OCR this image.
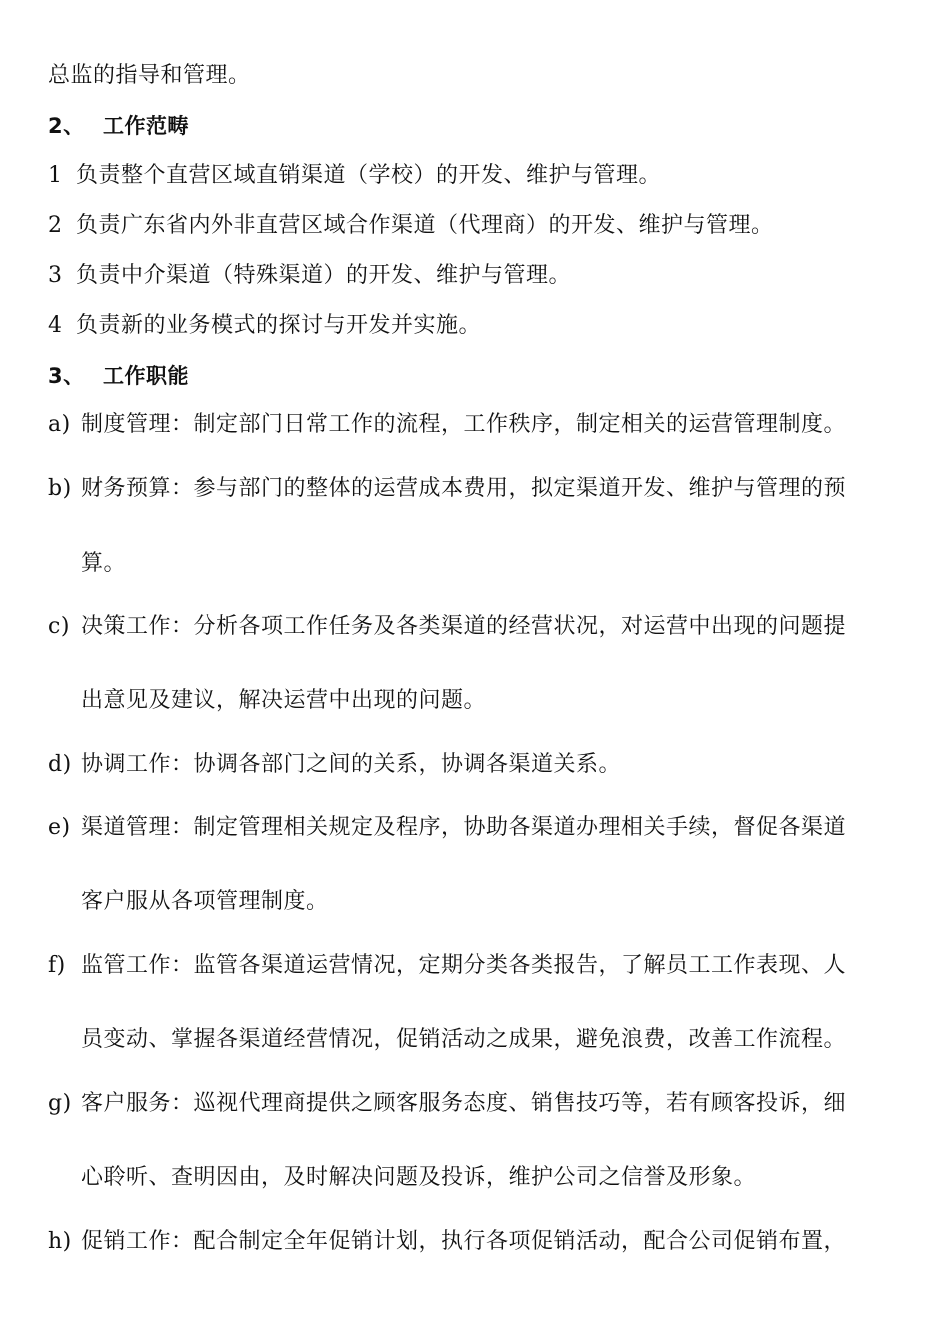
总监的指导和管理。
2、 工作范畴
1 负责整个直营区域直销渠道（学校）的开发、维护与管理。
2 负责广东省内外非直营区域合作渠道（代理商）的开发、维护与管理。
3 负责中介渠道（特殊渠道）的开发、维护与管理。
4 负责新的业务模式的探讨与开发并实施。
3、 工作职能
a) 制度管理：制定部门日常工作的流程，工作秩序，制定相关的运营管理制度。
b) 财务预算：参与部门的整体的运营成本费用，拟定渠道开发、维护与管理的预
算。
c) 决策工作：分析各项工作任务及各类渠道的经营状况，对运营中出现的问题提
出意见及建议，解决运营中出现的问题。
d) 协调工作：协调各部门之间的关系，协调各渠道关系。
e) 渠道管理：制定管理相关规定及程序，协助各渠道办理相关手续，督促各渠道
客户服从各项管理制度。
f) 监管工作：监管各渠道运营情况，定期分类各类报告，了解员工工作表现、人
员变动、掌握各渠道经营情况，促销活动之成果，避免浪费，改善工作流程。
g) 客户服务：巡视代理商提供之顾客服务态度、销售技巧等，若有顾客投诉，细
心聆听、查明因由，及时解决问题及投诉，维护公司之信誉及形象。
h) 促销工作：配合制定全年促销计划，执行各项促销活动，配合公司促销布置，
